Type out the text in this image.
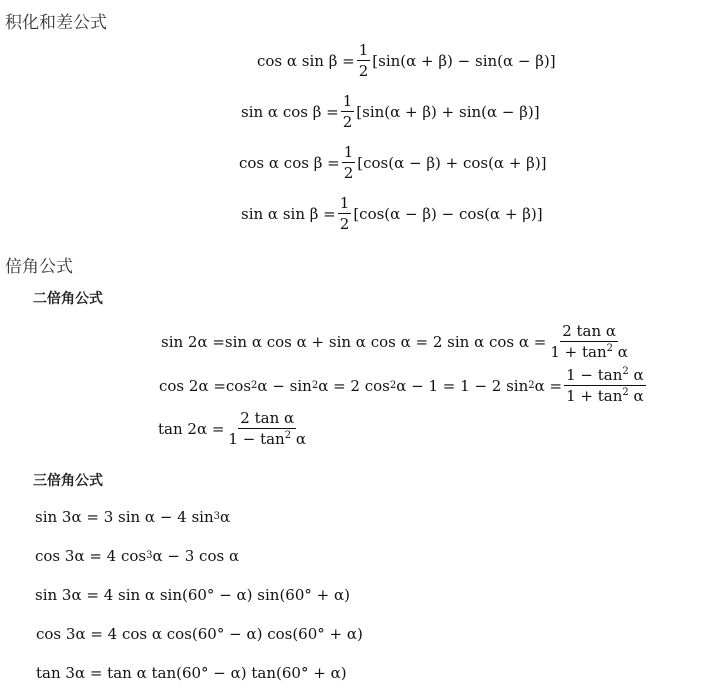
积化和差公式
cos α $\sin \beta = \frac{1}{2} [\sin(\alpha + \beta) - \sin(\alpha - \beta)]$
sin α $\cos \beta = \frac{1}{2} [\sin(\alpha + \beta) + \sin(\alpha - \beta)]$
cos α $\cos \beta = \frac{1}{2} [\cos(\alpha - \beta) + \cos(\alpha + \beta)]$
sin α $\sin \beta = \frac{1}{2} [\cos(\alpha - \beta) - \cos(\alpha + \beta)]$
倍角公式
二倍角公式
sin 2α =sin α cos α + sin α cos α = 2 sin α $\cos \alpha = \frac{\text{2 tan α}}{1 + \tan^2 \alpha}$
cos 2α =cos 2 α − sin 2 α = 2 cos 2 α − 1 = 1 − 2 sin 2 $\alpha = \frac{1 - \tan^2 \alpha}{1 + \tan^2 \alpha}$
$\tan 2\alpha = \frac{\text{2 tan α}}{1 - \tan^2 \alpha}$
三倍角公式
sin 3α = 3 sin α − 4 sin 3 α
cos 3α = 4 cos 3 α − 3 cos α
sin 3α = 4 sin α sin(60° − α) sin(60° + α)
cos 3α = 4 cos α cos(60° − α) cos(60° + α)
tan 3α = tan α tan(60° − α) tan(60° + α)
